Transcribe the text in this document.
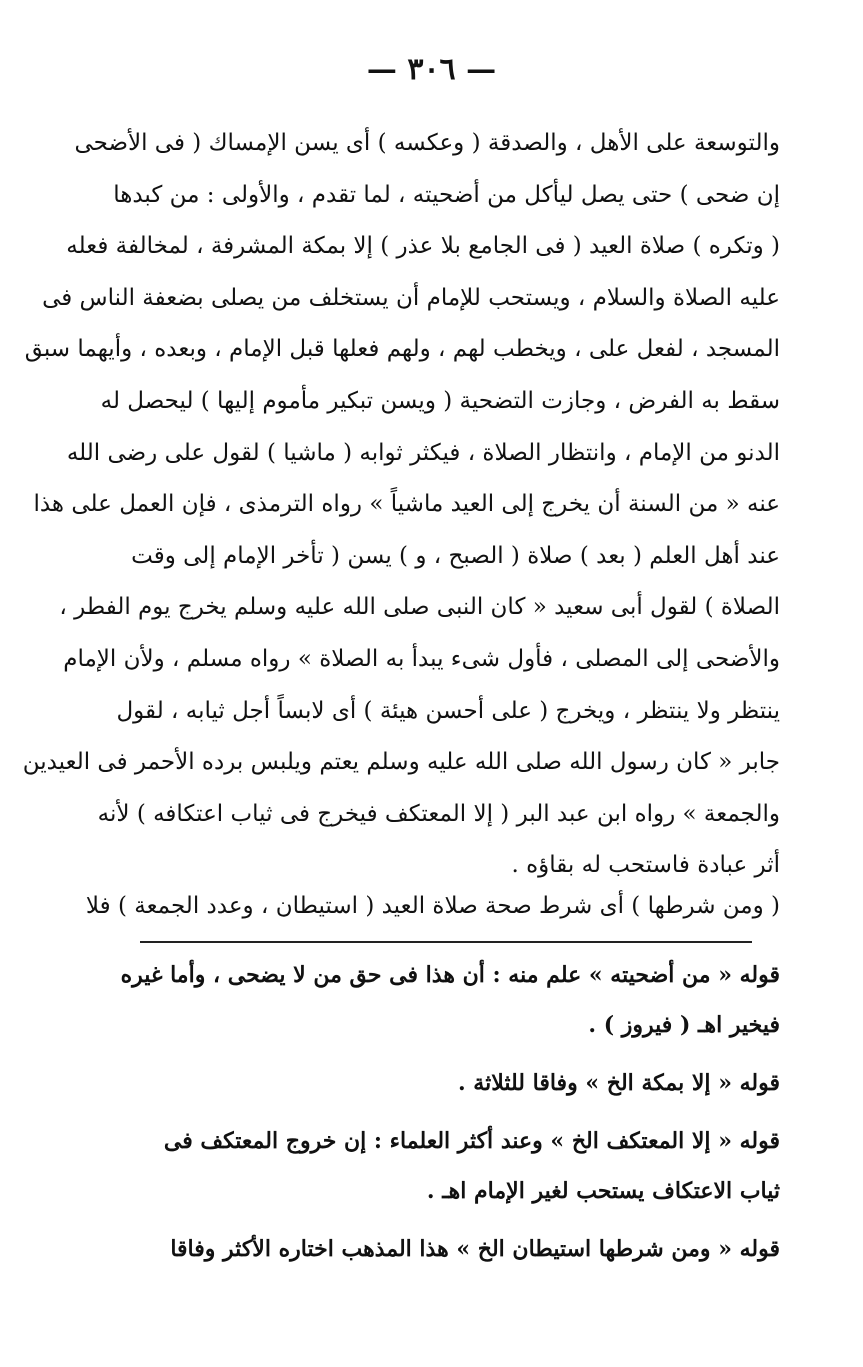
— ٣٠٦ —
والتوسعة على الأهل ، والصدقة ( وعكسه ) أى يسن الإمساك ( فى الأضحى
إن ضحى ) حتى يصل ليأكل من أضحيته ، لما تقدم ، والأولى : من كبدها
( وتكره ) صلاة العيد ( فى الجامع بلا عذر ) إلا بمكة المشرفة ، لمخالفة فعله
عليه الصلاة والسلام ، ويستحب للإمام أن يستخلف من يصلى بضعفة الناس فى
المسجد ، لفعل على ، ويخطب لهم ، ولهم فعلها قبل الإمام ، وبعده ، وأيهما سبق
سقط به الفرض ، وجازت التضحية ( ويسن تبكير مأموم إليها ) ليحصل له
الدنو من الإمام ، وانتظار الصلاة ، فيكثر ثوابه ( ماشيا ) لقول على رضى الله
عنه « من السنة أن يخرج إلى العيد ماشياً » رواه الترمذى ، فإن العمل على هذا
عند أهل العلم ( بعد ) صلاة ( الصبح ، و ) يسن ( تأخر الإمام إلى وقت
الصلاة ) لقول أبى سعيد « كان النبى صلى الله عليه وسلم يخرج يوم الفطر ،
والأضحى إلى المصلى ، فأول شىء يبدأ به الصلاة » رواه مسلم ، ولأن الإمام
ينتظر ولا ينتظر ، ويخرج ( على أحسن هيئة ) أى لابساً أجل ثيابه ، لقول
جابر « كان رسول الله صلى الله عليه وسلم يعتم ويلبس برده الأحمر فى العيدين
والجمعة » رواه ابن عبد البر ( إلا المعتكف فيخرج فى ثياب اعتكافه ) لأنه
أثر عبادة فاستحب له بقاؤه .
( ومن شرطها ) أى شرط صحة صلاة العيد ( استيطان ، وعدد الجمعة ) فلا
قوله « من أضحيته » علم منه : أن هذا فى حق من لا يضحى ، وأما غيره
فيخير اهـ ( فيروز ) .
قوله « إلا بمكة الخ » وفاقا للثلاثة .
قوله « إلا المعتكف الخ » وعند أكثر العلماء : إن خروج المعتكف فى
ثياب الاعتكاف يستحب لغير الإمام اهـ .
قوله « ومن شرطها استيطان الخ » هذا المذهب اختاره الأكثر وفاقا
